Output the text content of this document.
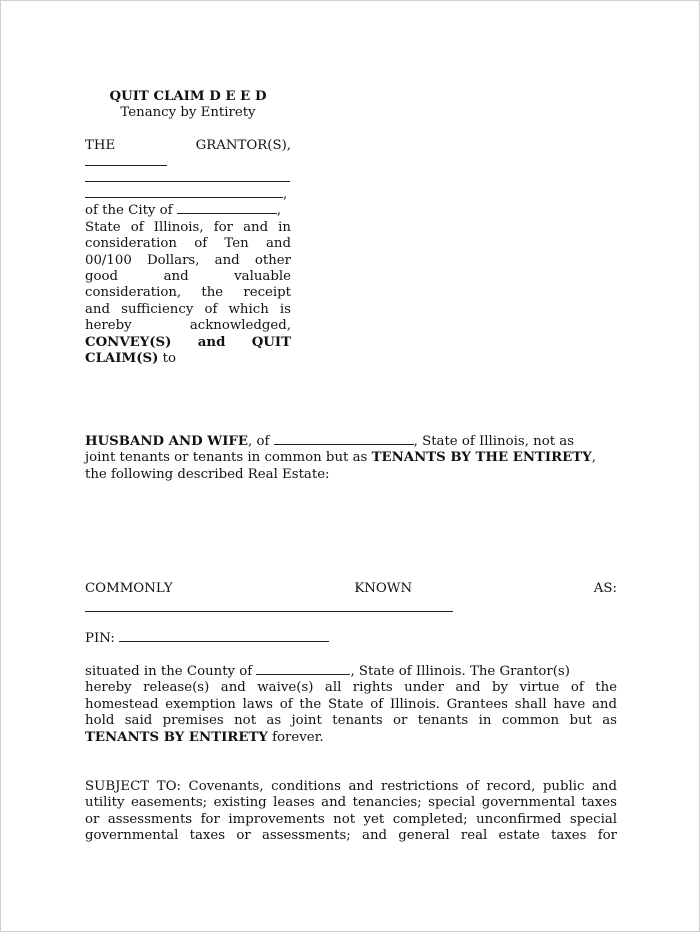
QUIT CLAIM D E E D
Tenancy by Entirety
THE	GRANTOR(S),
,
of the City of	,
State of Illinois, for and in
consideration of Ten and
00/100 Dollars, and other
good	and	valuable
consideration, the receipt
and sufficiency of which is
hereby	acknowledged,
CONVEY(S) and QUIT
CLAIM(S) to
HUSBAND AND WIFE, of	, State of Illinois, not as
joint tenants or tenants in common but as TENANTS BY THE ENTIRETY,
the following described Real Estate:
COMMONLY	KNOWN	AS:
PIN:
situated in the County of	, State of Illinois. The Grantor(s)
hereby release(s) and waive(s) all rights under and by virtue of the
homestead exemption laws of the State of Illinois. Grantees shall have and
hold said premises not as joint tenants or tenants in common but as
TENANTS BY ENTIRETY forever.
SUBJECT TO: Covenants, conditions and restrictions of record, public and
utility easements; existing leases and tenancies; special governmental taxes
or assessments for improvements not yet completed; unconfirmed special
governmental taxes or assessments; and general real estate taxes for
